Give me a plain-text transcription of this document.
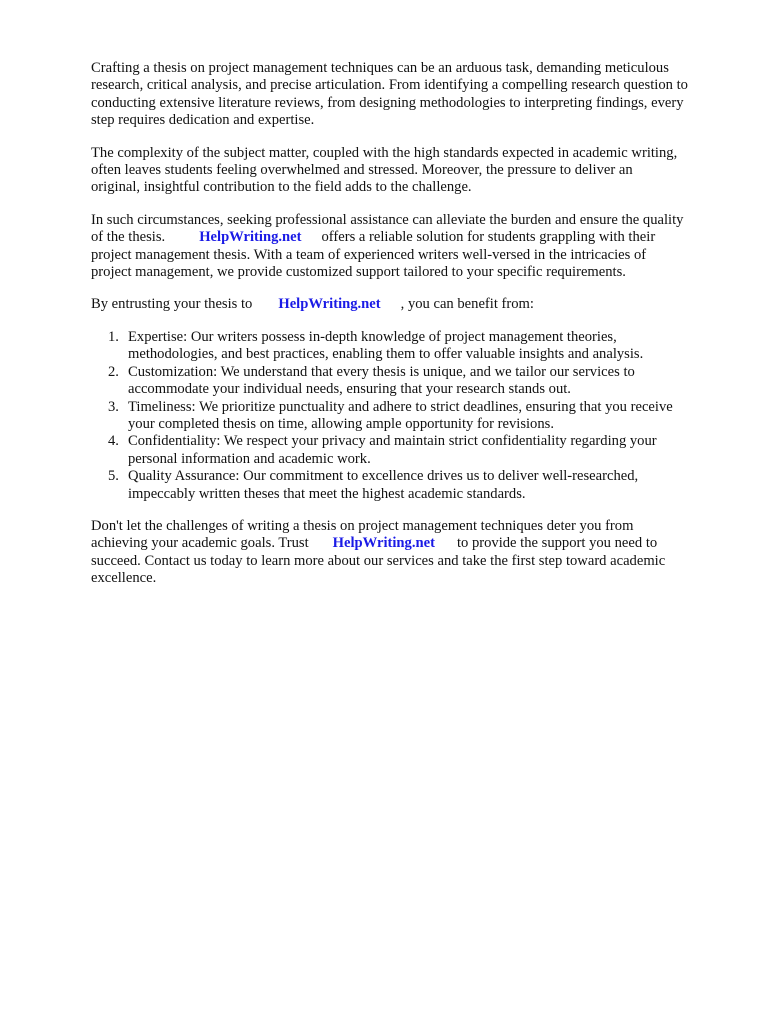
Crafting a thesis on project management techniques can be an arduous task, demanding meticulous
research, critical analysis, and precise articulation. From identifying a compelling research question to
conducting extensive literature reviews, from designing methodologies to interpreting findings, every
step requires dedication and expertise.

The complexity of the subject matter, coupled with the high standards expected in academic writing,
often leaves students feeling overwhelmed and stressed. Moreover, the pressure to deliver an
original, insightful contribution to the field adds to the challenge.

In such circumstances, seeking professional assistance can alleviate the burden and ensure the quality
of the thesis. HelpWriting.net offers a reliable solution for students grappling with their
project management thesis. With a team of experienced writers well-versed in the intricacies of
project management, we provide customized support tailored to your specific requirements.

By entrusting your thesis to HelpWriting.net , you can benefit from:

1. Expertise: Our writers possess in-depth knowledge of project management theories,
methodologies, and best practices, enabling them to offer valuable insights and analysis.
2. Customization: We understand that every thesis is unique, and we tailor our services to
accommodate your individual needs, ensuring that your research stands out.
3. Timeliness: We prioritize punctuality and adhere to strict deadlines, ensuring that you receive
your completed thesis on time, allowing ample opportunity for revisions.
4. Confidentiality: We respect your privacy and maintain strict confidentiality regarding your
personal information and academic work.
5. Quality Assurance: Our commitment to excellence drives us to deliver well-researched,
impeccably written theses that meet the highest academic standards.

Don't let the challenges of writing a thesis on project management techniques deter you from
achieving your academic goals. Trust HelpWriting.net to provide the support you need to
succeed. Contact us today to learn more about our services and take the first step toward academic
excellence.
